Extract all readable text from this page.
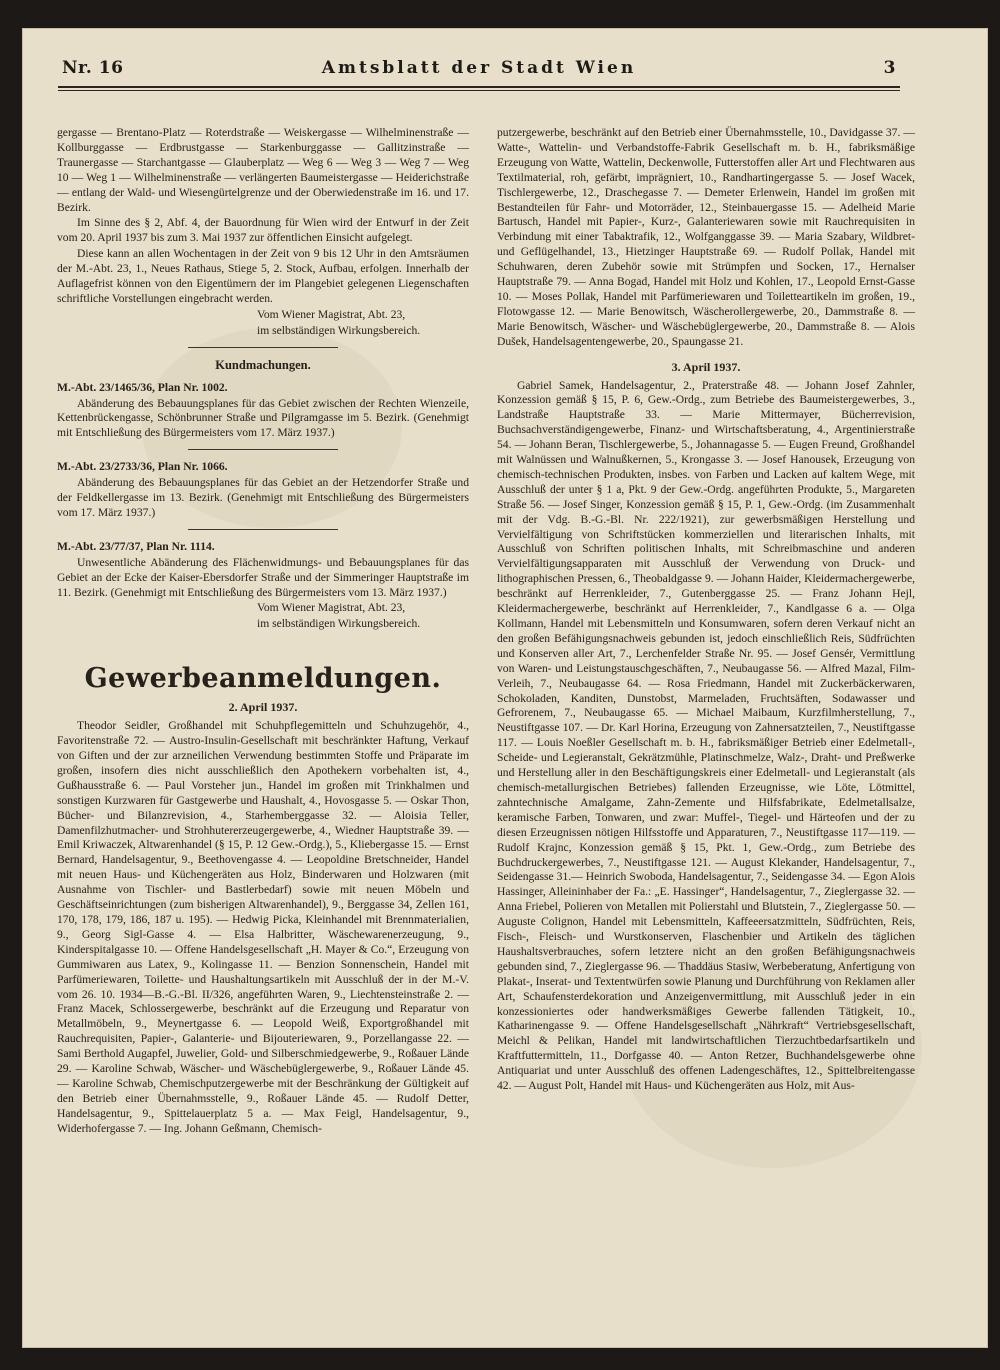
Nr. 16	Amtsblatt der Stadt Wien	3

gergasse — Brentano-Platz — Roterdstraße — Weiskergasse — Wilhelminenstraße — Kollburggasse — Erdbrustgasse — Starkenburggasse — Gallitzinstraße — Traunergasse — Starchantgasse — Glauberplatz — Weg 6 — Weg 3 — Weg 7 — Weg 10 — Weg 1 — Wilhelminenstraße — verlängerten Baumeistergasse — Heiderichstraße — entlang der Wald- und Wiesengürtelgrenze und der Oberwiedenstraße im 16. und 17. Bezirk.

Im Sinne des § 2, Abf. 4, der Bauordnung für Wien wird der Entwurf in der Zeit vom 20. April 1937 bis zum 3. Mai 1937 zur öffentlichen Einsicht aufgelegt.

Diese kann an allen Wochentagen in der Zeit von 9 bis 12 Uhr in den Amtsräumen der M.-Abt. 23, 1., Neues Rathaus, Stiege 5, 2. Stock, Aufbau, erfolgen. Innerhalb der Auflagefrist können von den Eigentümern der im Plangebiet gelegenen Liegenschaften schriftliche Vorstellungen eingebracht werden.

Vom Wiener Magistrat, Abt. 23,

im selbständigen Wirkungsbereich.

Kundmachungen.

M.-Abt. 23/1465/36, Plan Nr. 1002.

Abänderung des Bebauungsplanes für das Gebiet zwischen der Rechten Wienzeile, Kettenbrückengasse, Schönbrunner Straße und Pilgramgasse im 5. Bezirk. (Genehmigt mit Entschließung des Bürgermeisters vom 17. März 1937.)

M.-Abt. 23/2733/36, Plan Nr. 1066.

Abänderung des Bebauungsplanes für das Gebiet an der Hetzendorfer Straße und der Feldkellergasse im 13. Bezirk. (Genehmigt mit Entschließung des Bürgermeisters vom 17. März 1937.)

M.-Abt. 23/77/37, Plan Nr. 1114.

Unwesentliche Abänderung des Flächenwidmungs- und Bebauungsplanes für das Gebiet an der Ecke der Kaiser-Ebersdorfer Straße und der Simmeringer Hauptstraße im 11. Bezirk. (Genehmigt mit Entschließung des Bürgermeisters vom 13. März 1937.)

Vom Wiener Magistrat, Abt. 23,

im selbständigen Wirkungsbereich.

Gewerbeanmeldungen.

2. April 1937.

Theodor Seidler, Großhandel mit Schuhpflegemitteln und Schuhzugehör, 4., Favoritenstraße 72. — Austro-Insulin-Gesellschaft mit beschränkter Haftung, Verkauf von Giften und der zur arzneilichen Verwendung bestimmten Stoffe und Präparate im großen, insofern dies nicht ausschließlich den Apothekern vorbehalten ist, 4., Gußhausstraße 6. — Paul Vorsteher jun., Handel im großen mit Trinkhalmen und sonstigen Kurzwaren für Gastgewerbe und Haushalt, 4., Hovosgasse 5. — Oskar Thon, Bücher- und Bilanzrevision, 4., Starhemberggasse 32. — Aloisia Teller, Damenfilzhutmacher- und Strohhutererzeugergewerbe, 4., Wiedner Hauptstraße 39. — Emil Kriwaczek, Altwarenhandel (§ 15, P. 12 Gew.-Ordg.), 5., Kliebergasse 15. — Ernst Bernard, Handelsagentur, 9., Beethovengasse 4. — Leopoldine Bretschneider, Handel mit neuen Haus- und Küchengeräten aus Holz, Binderwaren und Holzwaren (mit Ausnahme von Tischler- und Bastlerbedarf) sowie mit neuen Möbeln und Geschäftseinrichtungen (zum bisherigen Altwarenhandel), 9., Berggasse 34, Zellen 161, 170, 178, 179, 186, 187 u. 195). — Hedwig Picka, Kleinhandel mit Brennmaterialien, 9., Georg Sigl-Gasse 4. — Elsa Halbritter, Wäschewarenerzeugung, 9., Kinderspitalgasse 10. — Offene Handelsgesellschaft „H. Mayer & Co.“, Erzeugung von Gummiwaren aus Latex, 9., Kolingasse 11. — Benzion Sonnenschein, Handel mit Parfümeriewaren, Toilette- und Haushaltungsartikeln mit Ausschluß der in der M.-V. vom 26. 10. 1934—B.-G.-Bl. II/326, angeführten Waren, 9., Liechtensteinstraße 2. — Franz Macek, Schlossergewerbe, beschränkt auf die Erzeugung und Reparatur von Metallmöbeln, 9., Meynertgasse 6. — Leopold Weiß, Exportgroßhandel mit Rauchrequisiten, Papier-, Galanterie- und Bijouteriewaren, 9., Porzellangasse 22. — Sami Berthold Augapfel, Juwelier, Gold- und Silberschmiedgewerbe, 9., Roßauer Lände 29. — Karoline Schwab, Wäscher- und Wäschebüglergewerbe, 9., Roßauer Lände 45. — Karoline Schwab, Chemischputzergewerbe mit der Beschränkung der Gültigkeit auf den Betrieb einer Übernahmsstelle, 9., Roßauer Lände 45. — Rudolf Detter, Handelsagentur, 9., Spittelauerplatz 5 a. — Max Feigl, Handelsagentur, 9., Widerhofergasse 7. — Ing. Johann Geßmann, Chemisch-

putzergewerbe, beschränkt auf den Betrieb einer Übernahmsstelle, 10., Davidgasse 37. — Watte-, Wattelin- und Verbandstoffe-Fabrik Gesellschaft m. b. H., fabriksmäßige Erzeugung von Watte, Wattelin, Deckenwolle, Futterstoffen aller Art und Flechtwaren aus Textilmaterial, roh, gefärbt, imprägniert, 10., Randhartingergasse 5. — Josef Wacek, Tischlergewerbe, 12., Draschegasse 7. — Demeter Erlenwein, Handel im großen mit Bestandteilen für Fahr- und Motorräder, 12., Steinbauergasse 15. — Adelheid Marie Bartusch, Handel mit Papier-, Kurz-, Galanteriewaren sowie mit Rauchrequisiten in Verbindung mit einer Tabaktrafik, 12., Wolfganggasse 39. — Maria Szabary, Wildbret- und Geflügelhandel, 13., Hietzinger Hauptstraße 69. — Rudolf Pollak, Handel mit Schuhwaren, deren Zubehör sowie mit Strümpfen und Socken, 17., Hernalser Hauptstraße 79. — Anna Bogad, Handel mit Holz und Kohlen, 17., Leopold Ernst-Gasse 10. — Moses Pollak, Handel mit Parfümeriewaren und Toiletteartikeln im großen, 19., Flotowgasse 12. — Marie Benowitsch, Wäscherollergewerbe, 20., Dammstraße 8. — Marie Benowitsch, Wäscher- und Wäschebüglergewerbe, 20., Dammstraße 8. — Alois Dušek, Handelsagentengewerbe, 20., Spaungasse 21.

3. April 1937.

Gabriel Samek, Handelsagentur, 2., Praterstraße 48. — Johann Josef Zahnler, Konzession gemäß § 15, P. 6, Gew.-Ordg., zum Betriebe des Baumeistergewerbes, 3., Landstraße Hauptstraße 33. — Marie Mittermayer, Bücherrevision, Buchsachverständigengewerbe, Finanz- und Wirtschaftsberatung, 4., Argentinierstraße 54. — Johann Beran, Tischlergewerbe, 5., Johannagasse 5. — Eugen Freund, Großhandel mit Walnüssen und Walnußkernen, 5., Krongasse 3. — Josef Hanousek, Erzeugung von chemisch-technischen Produkten, insbes. von Farben und Lacken auf kaltem Wege, mit Ausschluß der unter § 1 a, Pkt. 9 der Gew.-Ordg. angeführten Produkte, 5., Margareten Straße 56. — Josef Singer, Konzession gemäß § 15, P. 1, Gew.-Ordg. (im Zusammenhalt mit der Vdg. B.-G.-Bl. Nr. 222/1921), zur gewerbsmäßigen Herstellung und Vervielfältigung von Schriftstücken kommerziellen und literarischen Inhalts, mit Ausschluß von Schriften politischen Inhalts, mit Schreibmaschine und anderen Vervielfältigungsapparaten mit Ausschluß der Verwendung von Druck- und lithographischen Pressen, 6., Theobaldgasse 9. — Johann Haider, Kleidermachergewerbe, beschränkt auf Herrenkleider, 7., Gutenberggasse 25. — Franz Johann Hejl, Kleidermachergewerbe, beschränkt auf Herrenkleider, 7., Kandlgasse 6 a. — Olga Kollmann, Handel mit Lebensmitteln und Konsumwaren, sofern deren Verkauf nicht an den großen Befähigungsnachweis gebunden ist, jedoch einschließlich Reis, Südfrüchten und Konserven aller Art, 7., Lerchenfelder Straße Nr. 95. — Josef Gensér, Vermittlung von Waren- und Leistungstauschgeschäften, 7., Neubaugasse 56. — Alfred Mazal, Film-Verleih, 7., Neubaugasse 64. — Rosa Friedmann, Handel mit Zuckerbäckerwaren, Schokoladen, Kanditen, Dunstobst, Marmeladen, Fruchtsäften, Sodawasser und Gefrorenem, 7., Neubaugasse 65. — Michael Maibaum, Kurzfilmherstellung, 7., Neustiftgasse 107. — Dr. Karl Horina, Erzeugung von Zahnersatzteilen, 7., Neustiftgasse 117. — Louis Noeßler Gesellschaft m. b. H., fabriksmäßiger Betrieb einer Edelmetall-, Scheide- und Legieranstalt, Gekrätzmühle, Platinschmelze, Walz-, Draht- und Preßwerke und Herstellung aller in den Beschäftigungskreis einer Edelmetall- und Legieranstalt (als chemisch-metallurgischen Betriebes) fallenden Erzeugnisse, wie Löte, Lötmittel, zahntechnische Amalgame, Zahn-Zemente und Hilfsfabrikate, Edelmetallsalze, keramische Farben, Tonwaren, und zwar: Muffel-, Tiegel- und Härteofen und der zu diesen Erzeugnissen nötigen Hilfsstoffe und Apparaturen, 7., Neustiftgasse 117—119. — Rudolf Krajnc, Konzession gemäß § 15, Pkt. 1, Gew.-Ordg., zum Betriebe des Buchdruckergewerbes, 7., Neustiftgasse 121. — August Klekander, Handelsagentur, 7., Seidengasse 31.— Heinrich Swoboda, Handelsagentur, 7., Seidengasse 34. — Egon Alois Hassinger, Alleininhaber der Fa.: „E. Hassinger“, Handelsagentur, 7., Zieglergasse 32. — Anna Friebel, Polieren von Metallen mit Polierstahl und Blutstein, 7., Zieglergasse 50. — Auguste Colignon, Handel mit Lebensmitteln, Kaffeeersatzmitteln, Südfrüchten, Reis, Fisch-, Fleisch- und Wurstkonserven, Flaschenbier und Artikeln des täglichen Haushaltsverbrauches, sofern letztere nicht an den großen Befähigungsnachweis gebunden sind, 7., Zieglergasse 96. — Thaddäus Stasiw, Werbeberatung, Anfertigung von Plakat-, Inserat- und Textentwürfen sowie Planung und Durchführung von Reklamen aller Art, Schaufensterdekoration und Anzeigenvermittlung, mit Ausschluß jeder in ein konzessioniertes oder handwerksmäßiges Gewerbe fallenden Tätigkeit, 10., Katharinengasse 9. — Offene Handelsgesellschaft „Nährkraft“ Vertriebsgesellschaft, Meichl & Pelikan, Handel mit landwirtschaftlichen Tierzuchtbedarfsartikeln und Kraftfuttermitteln, 11., Dorfgasse 40. — Anton Retzer, Buchhandelsgewerbe ohne Antiquariat und unter Ausschluß des offenen Ladengeschäftes, 12., Spittelbreitengasse 42. — August Polt, Handel mit Haus- und Küchengeräten aus Holz, mit Aus-
